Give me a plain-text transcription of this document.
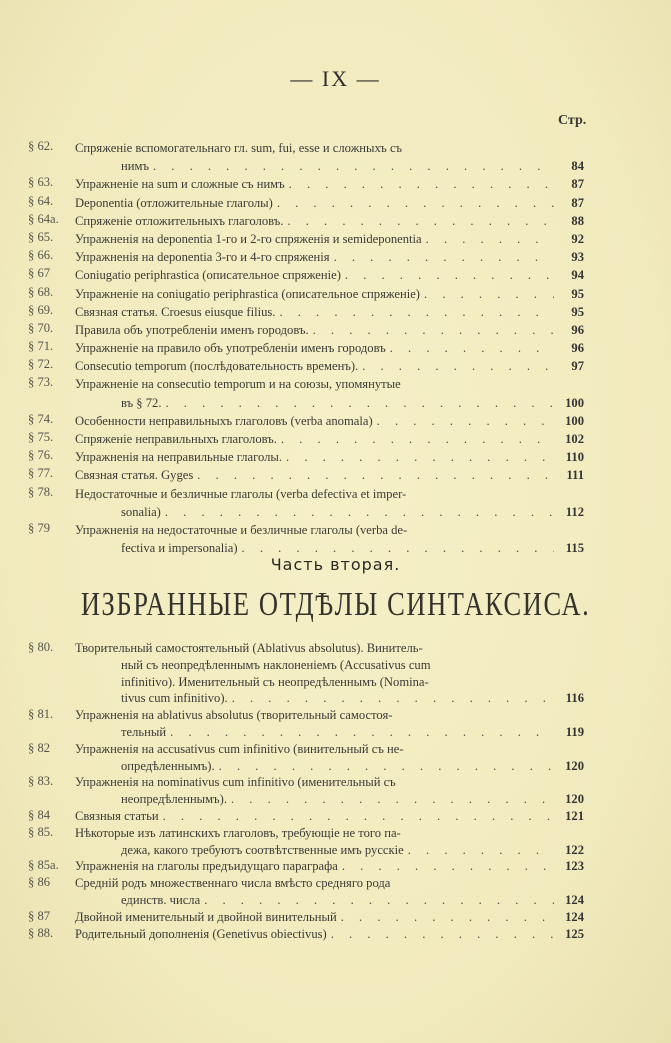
— IX —
Стр.
§ 62.	Спряженіе вспомогательнаго гл. sum, fui, esse и сложныхъ съ
нимъ . . .	84
§ 63.	Упражненіе на sum и сложные съ нимъ . . .	87
§ 64.	Deponentia (отложительные глаголы) . . .	87
§ 64a.	Спряженіе отложительныхъ глаголовъ. . . .	88
§ 65.	Упражненія на deponentia 1-го и 2-го спряженія и semideponentia . . .	92
§ 66.	Упражненія на deponentia 3-го и 4-го спряженія . . .	93
§ 67	Coniugatio periphrastica (описательное спряженіе) . . .	94
§ 68.	Упражненіе на coniugatio periphrastica (описательное спряженіе) . . .	95
§ 69.	Связная статья. Croesus eiusque filius. . . .	95
§ 70.	Правила объ употребленіи именъ городовъ. . . .	96
§ 71.	Упражненіе на правило объ употребленіи именъ городовъ . . .	96
§ 72.	Consecutio temporum (послѣдовательность временъ). . . .	97
§ 73.	Упражненіе на consecutio temporum и на союзы, упомянутые
въ § 72. . . .	100
§ 74.	Особенности неправильныхъ глаголовъ (verba anomala) . . .	100
§ 75.	Спряженіе неправильныхъ глаголовъ. . . .	102
§ 76.	Упражненія на неправильные глаголы. . . .	110
§ 77.	Связная статья. Gyges . . .	111
§ 78.	Недостаточные и безличные глаголы (verba defectiva et imper-
sonalia) . . .	112
§ 79	Упражненія на недостаточные и безличные глаголы (verba de-
fectiva и impersonalia) . . .	115
Часть вторая.
ИЗБРАННЫЕ ОТДѢЛЫ СИНТАКСИСА.
§ 80.	Творительный самостоятельный (Ablativus absolutus). Винитель-
ный съ неопредѣленнымъ наклоненіемъ (Accusativus cum
infinitivo). Именительный съ неопредѣленнымъ (Nomina-
tivus cum infinitivo). . . .	116
§ 81.	Упражненія на ablativus absolutus (творительный самостоя-
тельный . . .	119
§ 82	Упражненія на accusativus cum infinitivo (винительный съ не-
опредѣленнымъ). . . .	120
§ 83.	Упражненія на nominativus cum infinitivo (именительный съ
неопредѣленнымъ). . . .	120
§ 84	Связныя статьи . . .	121
§ 85.	Нѣкоторые изъ латинскихъ глаголовъ, требующіе не того па-
дежа, какого требуютъ соотвѣтственные имъ русскіе . . .	122
§ 85a.	Упражненія на глаголы предъидущаго параграфа . . .	123
§ 86	Средній родъ множественнаго числа вмѣсто средняго рода
единств. числа . . .	124
§ 87	Двойной именительный и двойной винительный . . .	124
§ 88.	Родительный дополненія (Genetivus obiectivus) . . .	125
